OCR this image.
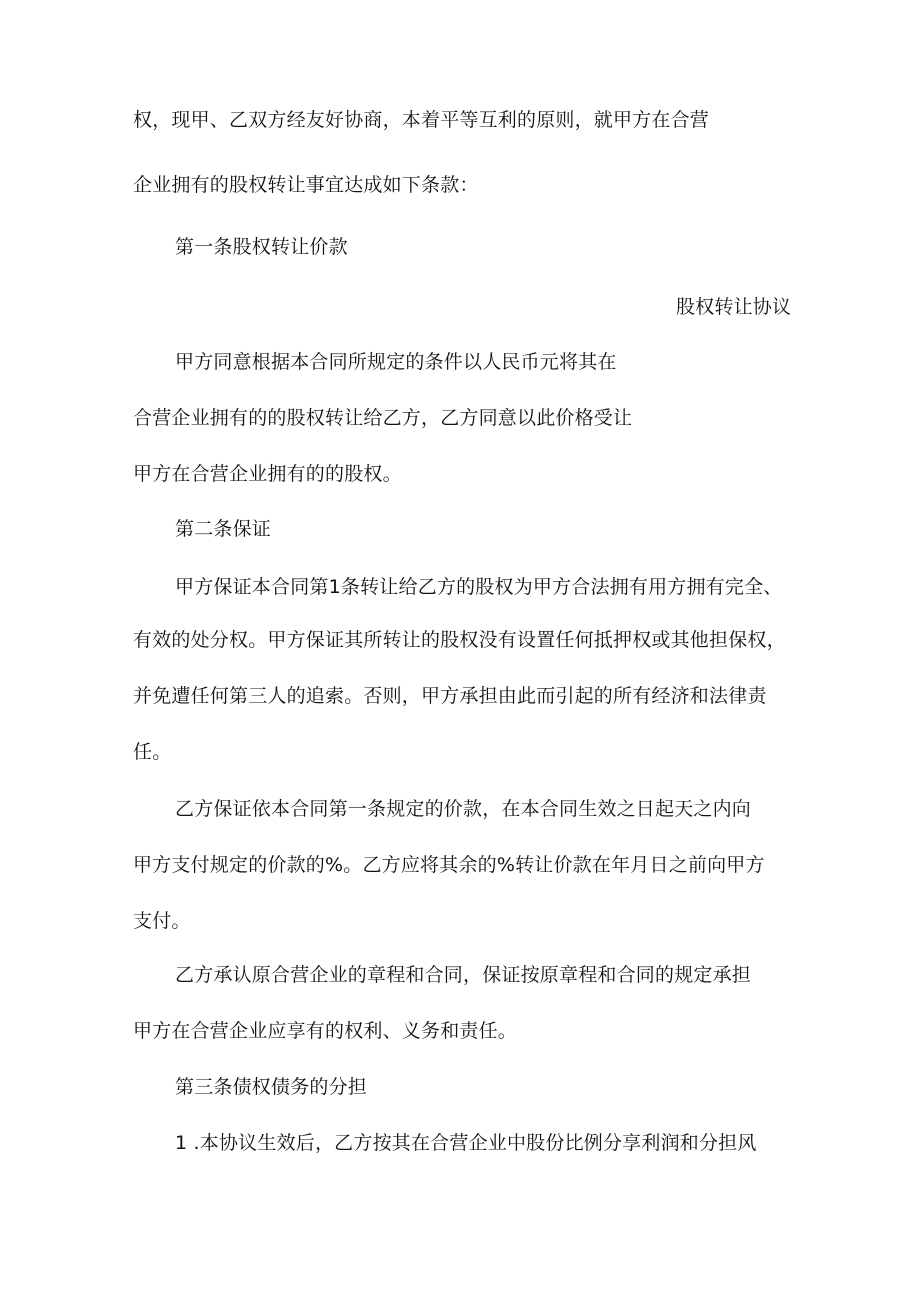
权，现甲、乙双方经友好协商，本着平等互利的原则，就甲方在合营
企业拥有的股权转让事宜达成如下条款：
第一条股权转让价款
股权转让协议
甲方同意根据本合同所规定的条件以人民币元将其在
合营企业拥有的的股权转让给乙方，乙方同意以此价格受让
甲方在合营企业拥有的的股权。
第二条保证
甲方保证本合同第1条转让给乙方的股权为甲方合法拥有用方拥有完全、
有效的处分权。甲方保证其所转让的股权没有设置任何抵押权或其他担保权，
并免遭任何第三人的追索。否则，甲方承担由此而引起的所有经济和法律责
任。
乙方保证依本合同第一条规定的价款，在本合同生效之日起天之内向
甲方支付规定的价款的%。乙方应将其余的%转让价款在年月日之前向甲方
支付。
乙方承认原合营企业的章程和合同，保证按原章程和合同的规定承担
甲方在合营企业应享有的权利、义务和责任。
第三条债权债务的分担
1 .本协议生效后，乙方按其在合营企业中股份比例分享利润和分担风
